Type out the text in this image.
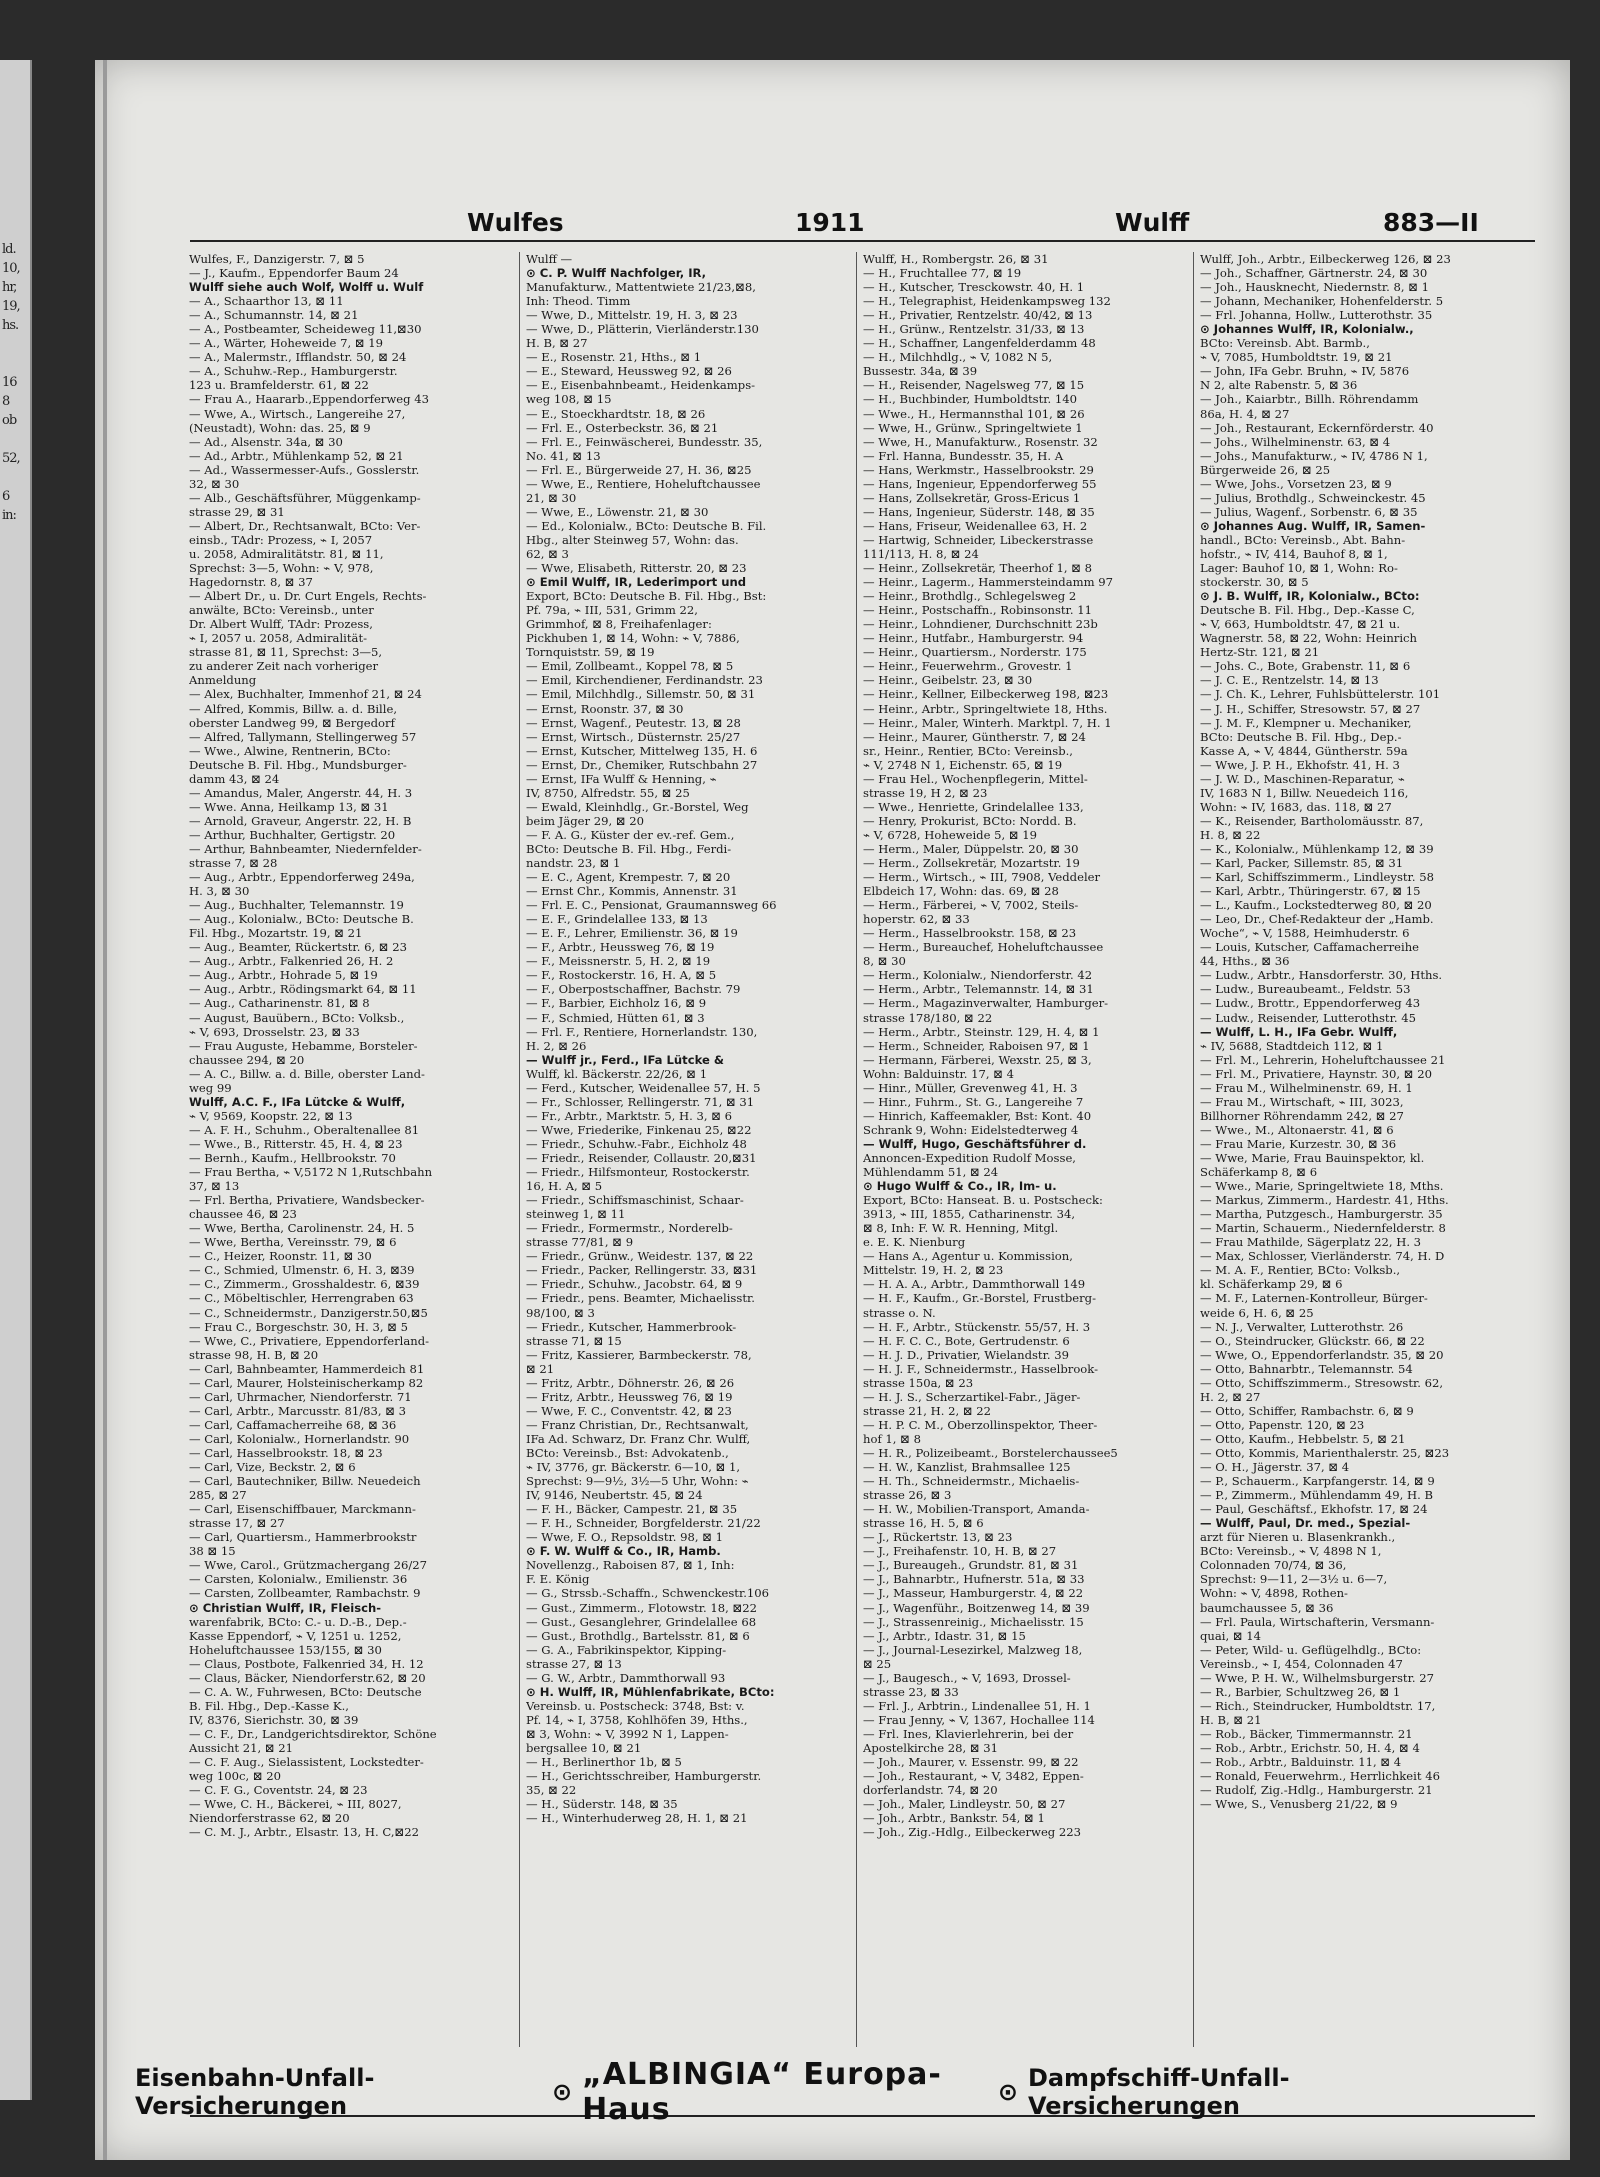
ld.
10,
hr,
19,
hs.

16
8
ob

52,

6
in:
Wulfes	1911	Wulff	883—II
Wulfes, F., Danzigerstr. 7, ⊠ 5
— J., Kaufm., Eppendorfer Baum 24
Wulff siehe auch Wolf, Wolff u. Wulf
— A., Schaarthor 13, ⊠ 11
— A., Schumannstr. 14, ⊠ 21
— A., Postbeamter, Scheideweg 11,⊠30
— A., Wärter, Hoheweide 7, ⊠ 19
— A., Malermstr., Ifflandstr. 50, ⊠ 24
— A., Schuhw.-Rep., Hamburgerstr.
123 u. Bramfelderstr. 61, ⊠ 22
— Frau A., Haararb.,Eppendorferweg 43
— Wwe, A., Wirtsch., Langereihe 27,
(Neustadt), Wohn: das. 25, ⊠ 9
— Ad., Alsenstr. 34a, ⊠ 30
— Ad., Arbtr., Mühlenkamp 52, ⊠ 21
— Ad., Wassermesser-Aufs., Gosslerstr.
32, ⊠ 30
— Alb., Geschäftsführer, Müggenkamp-
strasse 29, ⊠ 31
— Albert, Dr., Rechtsanwalt, BCto: Ver-
einsb., TAdr: Prozess, ⌁ I, 2057
u. 2058, Admiralitätstr. 81, ⊠ 11,
Sprechst: 3—5, Wohn: ⌁ V, 978,
Hagedornstr. 8, ⊠ 37
— Albert Dr., u. Dr. Curt Engels, Rechts-
anwälte, BCto: Vereinsb., unter
Dr. Albert Wulff, TAdr: Prozess,
⌁ I, 2057 u. 2058, Admiralität-
strasse 81, ⊠ 11, Sprechst: 3—5,
zu anderer Zeit nach vorheriger
Anmeldung
— Alex, Buchhalter, Immenhof 21, ⊠ 24
— Alfred, Kommis, Billw. a. d. Bille,
oberster Landweg 99, ⊠ Bergedorf
— Alfred, Tallymann, Stellingerweg 57
— Wwe., Alwine, Rentnerin, BCto:
Deutsche B. Fil. Hbg., Mundsburger-
damm 43, ⊠ 24
— Amandus, Maler, Angerstr. 44, H. 3
— Wwe. Anna, Heilkamp 13, ⊠ 31
— Arnold, Graveur, Angerstr. 22, H. B
— Arthur, Buchhalter, Gertigstr. 20
— Arthur, Bahnbeamter, Niedernfelder-
strasse 7, ⊠ 28
— Aug., Arbtr., Eppendorferweg 249a,
H. 3, ⊠ 30
— Aug., Buchhalter, Telemannstr. 19
— Aug., Kolonialw., BCto: Deutsche B.
Fil. Hbg., Mozartstr. 19, ⊠ 21
— Aug., Beamter, Rückertstr. 6, ⊠ 23
— Aug., Arbtr., Falkenried 26, H. 2
— Aug., Arbtr., Hohrade 5, ⊠ 19
— Aug., Arbtr., Rödingsmarkt 64, ⊠ 11
— Aug., Catharinenstr. 81, ⊠ 8
— August, Bauübern., BCto: Volksb.,
⌁ V, 693, Drosselstr. 23, ⊠ 33
— Frau Auguste, Hebamme, Borsteler-
chaussee 294, ⊠ 20
— A. C., Billw. a. d. Bille, oberster Land-
weg 99
Wulff, A.C. F., IFa Lütcke & Wulff,
⌁ V, 9569, Koopstr. 22, ⊠ 13
— A. F. H., Schuhm., Oberaltenallee 81
— Wwe., B., Ritterstr. 45, H. 4, ⊠ 23
— Bernh., Kaufm., Hellbrookstr. 70
— Frau Bertha, ⌁ V,5172 N 1,Rutschbahn
37, ⊠ 13
— Frl. Bertha, Privatiere, Wandsbecker-
chaussee 46, ⊠ 23
— Wwe, Bertha, Carolinenstr. 24, H. 5
— Wwe, Bertha, Vereinsstr. 79, ⊠ 6
— C., Heizer, Roonstr. 11, ⊠ 30
— C., Schmied, Ulmenstr. 6, H. 3, ⊠39
— C., Zimmerm., Grosshaldestr. 6, ⊠39
— C., Möbeltischler, Herrengraben 63
— C., Schneidermstr., Danzigerstr.50,⊠5
— Frau C., Borgeschstr. 30, H. 3, ⊠ 5
— Wwe, C., Privatiere, Eppendorferland-
strasse 98, H. B, ⊠ 20
— Carl, Bahnbeamter, Hammerdeich 81
— Carl, Maurer, Holsteinischerkamp 82
— Carl, Uhrmacher, Niendorferstr. 71
— Carl, Arbtr., Marcusstr. 81/83, ⊠ 3
— Carl, Caffamacherreihe 68, ⊠ 36
— Carl, Kolonialw., Hornerlandstr. 90
— Carl, Hasselbrookstr. 18, ⊠ 23
— Carl, Vize, Beckstr. 2, ⊠ 6
— Carl, Bautechniker, Billw. Neuedeich
285, ⊠ 27
— Carl, Eisenschiffbauer, Marckmann-
strasse 17, ⊠ 27
— Carl, Quartiersm., Hammerbrookstr
38 ⊠ 15
— Wwe, Carol., Grützmachergang 26/27
— Carsten, Kolonialw., Emilienstr. 36
— Carsten, Zollbeamter, Rambachstr. 9
⊙ Christian Wulff, IR, Fleisch-
warenfabrik, BCto: C.- u. D.-B., Dep.-
Kasse Eppendorf, ⌁ V, 1251 u. 1252,
Hoheluftchaussee 153/155, ⊠ 30
— Claus, Postbote, Falkenried 34, H. 12
— Claus, Bäcker, Niendorferstr.62, ⊠ 20
— C. A. W., Fuhrwesen, BCto: Deutsche
B. Fil. Hbg., Dep.-Kasse K.,
IV, 8376, Sierichstr. 30, ⊠ 39
— C. F., Dr., Landgerichtsdirektor, Schöne
Aussicht 21, ⊠ 21
— C. F. Aug., Sielassistent, Lockstedter-
weg 100c, ⊠ 20
— C. F. G., Coventstr. 24, ⊠ 23
— Wwe, C. H., Bäckerei, ⌁ III, 8027,
Niendorferstrasse 62, ⊠ 20
— C. M. J., Arbtr., Elsastr. 13, H. C,⊠22
Wulff —
⊙ C. P. Wulff Nachfolger, IR,
Manufakturw., Mattentwiete 21/23,⊠8,
Inh: Theod. Timm
— Wwe, D., Mittelstr. 19, H. 3, ⊠ 23
— Wwe, D., Plätterin, Vierländerstr.130
H. B, ⊠ 27
— E., Rosenstr. 21, Hths., ⊠ 1
— E., Steward, Heussweg 92, ⊠ 26
— E., Eisenbahnbeamt., Heidenkamps-
weg 108, ⊠ 15
— E., Stoeckhardtstr. 18, ⊠ 26
— Frl. E., Osterbeckstr. 36, ⊠ 21
— Frl. E., Feinwäscherei, Bundesstr. 35,
No. 41, ⊠ 13
— Frl. E., Bürgerweide 27, H. 36, ⊠25
— Wwe, E., Rentiere, Hoheluftchaussee
21, ⊠ 30
— Wwe, E., Löwenstr. 21, ⊠ 30
— Ed., Kolonialw., BCto: Deutsche B. Fil.
Hbg., alter Steinweg 57, Wohn: das.
62, ⊠ 3
— Wwe, Elisabeth, Ritterstr. 20, ⊠ 23
⊙ Emil Wulff, IR, Lederimport und
Export, BCto: Deutsche B. Fil. Hbg., Bst:
Pf. 79a, ⌁ III, 531, Grimm 22,
Grimmhof, ⊠ 8, Freihafenlager:
Pickhuben 1, ⊠ 14, Wohn: ⌁ V, 7886,
Tornquiststr. 59, ⊠ 19
— Emil, Zollbeamt., Koppel 78, ⊠ 5
— Emil, Kirchendiener, Ferdinandstr. 23
— Emil, Milchhdlg., Sillemstr. 50, ⊠ 31
— Ernst, Roonstr. 37, ⊠ 30
— Ernst, Wagenf., Peutestr. 13, ⊠ 28
— Ernst, Wirtsch., Düsternstr. 25/27
— Ernst, Kutscher, Mittelweg 135, H. 6
— Ernst, Dr., Chemiker, Rutschbahn 27
— Ernst, IFa Wulff & Henning, ⌁
IV, 8750, Alfredstr. 55, ⊠ 25
— Ewald, Kleinhdlg., Gr.-Borstel, Weg
beim Jäger 29, ⊠ 20
— F. A. G., Küster der ev.-ref. Gem.,
BCto: Deutsche B. Fil. Hbg., Ferdi-
nandstr. 23, ⊠ 1
— E. C., Agent, Krempestr. 7, ⊠ 20
— Ernst Chr., Kommis, Annenstr. 31
— Frl. E. C., Pensionat, Graumannsweg 66
— E. F., Grindelallee 133, ⊠ 13
— E. F., Lehrer, Emilienstr. 36, ⊠ 19
— F., Arbtr., Heussweg 76, ⊠ 19
— F., Meissnerstr. 5, H. 2, ⊠ 19
— F., Rostockerstr. 16, H. A, ⊠ 5
— F., Oberpostschaffner, Bachstr. 79
— F., Barbier, Eichholz 16, ⊠ 9
— F., Schmied, Hütten 61, ⊠ 3
— Frl. F., Rentiere, Hornerlandstr. 130,
H. 2, ⊠ 26
— Wulff jr., Ferd., IFa Lütcke &
Wulff, kl. Bäckerstr. 22/26, ⊠ 1
— Ferd., Kutscher, Weidenallee 57, H. 5
— Fr., Schlosser, Rellingerstr. 71, ⊠ 31
— Fr., Arbtr., Marktstr. 5, H. 3, ⊠ 6
— Wwe, Friederike, Finkenau 25, ⊠22
— Friedr., Schuhw.-Fabr., Eichholz 48
— Friedr., Reisender, Collaustr. 20,⊠31
— Friedr., Hilfsmonteur, Rostockerstr.
16, H. A, ⊠ 5
— Friedr., Schiffsmaschinist, Schaar-
steinweg 1, ⊠ 11
— Friedr., Formermstr., Norderelb-
strasse 77/81, ⊠ 9
— Friedr., Grünw., Weidestr. 137, ⊠ 22
— Friedr., Packer, Rellingerstr. 33, ⊠31
— Friedr., Schuhw., Jacobstr. 64, ⊠ 9
— Friedr., pens. Beamter, Michaelisstr.
98/100, ⊠ 3
— Friedr., Kutscher, Hammerbrook-
strasse 71, ⊠ 15
— Fritz, Kassierer, Barmbeckerstr. 78,
⊠ 21
— Fritz, Arbtr., Döhnerstr. 26, ⊠ 26
— Fritz, Arbtr., Heussweg 76, ⊠ 19
— Wwe, F. C., Conventstr. 42, ⊠ 23
— Franz Christian, Dr., Rechtsanwalt,
IFa Ad. Schwarz, Dr. Franz Chr. Wulff,
BCto: Vereinsb., Bst: Advokatenb.,
⌁ IV, 3776, gr. Bäckerstr. 6—10, ⊠ 1,
Sprechst: 9—9½, 3½—5 Uhr, Wohn: ⌁
IV, 9146, Neubertstr. 45, ⊠ 24
— F. H., Bäcker, Campestr. 21, ⊠ 35
— F. H., Schneider, Borgfelderstr. 21/22
— Wwe, F. O., Repsoldstr. 98, ⊠ 1
⊙ F. W. Wulff & Co., IR, Hamb.
Novellenzg., Raboisen 87, ⊠ 1, Inh:
F. E. König
— G., Strssb.-Schaffn., Schwenckestr.106
— Gust., Zimmerm., Flotowstr. 18, ⊠22
— Gust., Gesanglehrer, Grindelallee 68
— Gust., Brothdlg., Bartelsstr. 81, ⊠ 6
— G. A., Fabrikinspektor, Kipping-
strasse 27, ⊠ 13
— G. W., Arbtr., Dammthorwall 93
⊙ H. Wulff, IR, Mühlenfabrikate, BCto:
Vereinsb. u. Postscheck: 3748, Bst: v.
Pf. 14, ⌁ I, 3758, Kohlhöfen 39, Hths.,
⊠ 3, Wohn: ⌁ V, 3992 N 1, Lappen-
bergsallee 10, ⊠ 21
— H., Berlinerthor 1b, ⊠ 5
— H., Gerichtsschreiber, Hamburgerstr.
35, ⊠ 22
— H., Süderstr. 148, ⊠ 35
— H., Winterhuderweg 28, H. 1, ⊠ 21
Wulff, H., Rombergstr. 26, ⊠ 31
— H., Fruchtallee 77, ⊠ 19
— H., Kutscher, Tresckowstr. 40, H. 1
— H., Telegraphist, Heidenkampsweg 132
— H., Privatier, Rentzelstr. 40/42, ⊠ 13
— H., Grünw., Rentzelstr. 31/33, ⊠ 13
— H., Schaffner, Langenfelderdamm 48
— H., Milchhdlg., ⌁ V, 1082 N 5,
Bussestr. 34a, ⊠ 39
— H., Reisender, Nagelsweg 77, ⊠ 15
— H., Buchbinder, Humboldtstr. 140
— Wwe., H., Hermannsthal 101, ⊠ 26
— Wwe, H., Grünw., Springeltwiete 1
— Wwe, H., Manufakturw., Rosenstr. 32
— Frl. Hanna, Bundesstr. 35, H. A
— Hans, Werkmstr., Hasselbrookstr. 29
— Hans, Ingenieur, Eppendorferweg 55
— Hans, Zollsekretär, Gross-Ericus 1
— Hans, Ingenieur, Süderstr. 148, ⊠ 35
— Hans, Friseur, Weidenallee 63, H. 2
— Hartwig, Schneider, Libeckerstrasse
111/113, H. 8, ⊠ 24
— Heinr., Zollsekretär, Theerhof 1, ⊠ 8
— Heinr., Lagerm., Hammersteindamm 97
— Heinr., Brothdlg., Schlegelsweg 2
— Heinr., Postschaffn., Robinsonstr. 11
— Heinr., Lohndiener, Durchschnitt 23b
— Heinr., Hutfabr., Hamburgerstr. 94
— Heinr., Quartiersm., Norderstr. 175
— Heinr., Feuerwehrm., Grovestr. 1
— Heinr., Geibelstr. 23, ⊠ 30
— Heinr., Kellner, Eilbeckerweg 198, ⊠23
— Heinr., Arbtr., Springeltwiete 18, Hths.
— Heinr., Maler, Winterh. Marktpl. 7, H. 1
— Heinr., Maurer, Güntherstr. 7, ⊠ 24
sr., Heinr., Rentier, BCto: Vereinsb.,
⌁ V, 2748 N 1, Eichenstr. 65, ⊠ 19
— Frau Hel., Wochenpflegerin, Mittel-
strasse 19, H 2, ⊠ 23
— Wwe., Henriette, Grindelallee 133,
— Henry, Prokurist, BCto: Nordd. B.
⌁ V, 6728, Hoheweide 5, ⊠ 19
— Herm., Maler, Düppelstr. 20, ⊠ 30
— Herm., Zollsekretär, Mozartstr. 19
— Herm., Wirtsch., ⌁ III, 7908, Veddeler
Elbdeich 17, Wohn: das. 69, ⊠ 28
— Herm., Färberei, ⌁ V, 7002, Steils-
hoperstr. 62, ⊠ 33
— Herm., Hasselbrookstr. 158, ⊠ 23
— Herm., Bureauchef, Hoheluftchaussee
8, ⊠ 30
— Herm., Kolonialw., Niendorferstr. 42
— Herm., Arbtr., Telemannstr. 14, ⊠ 31
— Herm., Magazinverwalter, Hamburger-
strasse 178/180, ⊠ 22
— Herm., Arbtr., Steinstr. 129, H. 4, ⊠ 1
— Herm., Schneider, Raboisen 97, ⊠ 1
— Hermann, Färberei, Wexstr. 25, ⊠ 3,
Wohn: Balduinstr. 17, ⊠ 4
— Hinr., Müller, Grevenweg 41, H. 3
— Hinr., Fuhrm., St. G., Langereihe 7
— Hinrich, Kaffeemakler, Bst: Kont. 40
Schrank 9, Wohn: Eidelstedterweg 4
— Wulff, Hugo, Geschäftsführer d.
Annoncen-Expedition Rudolf Mosse,
Mühlendamm 51, ⊠ 24
⊙ Hugo Wulff & Co., IR, Im- u.
Export, BCto: Hanseat. B. u. Postscheck:
3913, ⌁ III, 1855, Catharinenstr. 34,
⊠ 8, Inh: F. W. R. Henning, Mitgl.
e. E. K. Nienburg
— Hans A., Agentur u. Kommission,
Mittelstr. 19, H. 2, ⊠ 23
— H. A. A., Arbtr., Dammthorwall 149
— H. F., Kaufm., Gr.-Borstel, Frustberg-
strasse o. N.
— H. F., Arbtr., Stückenstr. 55/57, H. 3
— H. F. C. C., Bote, Gertrudenstr. 6
— H. J. D., Privatier, Wielandstr. 39
— H. J. F., Schneidermstr., Hasselbrook-
strasse 150a, ⊠ 23
— H. J. S., Scherzartikel-Fabr., Jäger-
strasse 21, H. 2, ⊠ 22
— H. P. C. M., Oberzollinspektor, Theer-
hof 1, ⊠ 8
— H. R., Polizeibeamt., Borstelerchaussee5
— H. W., Kanzlist, Brahmsallee 125
— H. Th., Schneidermstr., Michaelis-
strasse 26, ⊠ 3
— H. W., Mobilien-Transport, Amanda-
strasse 16, H. 5, ⊠ 6
— J., Rückertstr. 13, ⊠ 23
— J., Freihafenstr. 10, H. B, ⊠ 27
— J., Bureaugeh., Grundstr. 81, ⊠ 31
— J., Bahnarbtr., Hufnerstr. 51a, ⊠ 33
— J., Masseur, Hamburgerstr. 4, ⊠ 22
— J., Wagenführ., Boitzenweg 14, ⊠ 39
— J., Strassenreinig., Michaelisstr. 15
— J., Arbtr., Idastr. 31, ⊠ 15
— J., Journal-Lesezirkel, Malzweg 18,
⊠ 25
— J., Baugesch., ⌁ V, 1693, Drossel-
strasse 23, ⊠ 33
— Frl. J., Arbtrin., Lindenallee 51, H. 1
— Frau Jenny, ⌁ V, 1367, Hochallee 114
— Frl. Ines, Klavierlehrerin, bei der
Apostelkirche 28, ⊠ 31
— Joh., Maurer, v. Essenstr. 99, ⊠ 22
— Joh., Restaurant, ⌁ V, 3482, Eppen-
dorferlandstr. 74, ⊠ 20
— Joh., Maler, Lindleystr. 50, ⊠ 27
— Joh., Arbtr., Bankstr. 54, ⊠ 1
— Joh., Zig.-Hdlg., Eilbeckerweg 223
Wulff, Joh., Arbtr., Eilbeckerweg 126, ⊠ 23
— Joh., Schaffner, Gärtnerstr. 24, ⊠ 30
— Joh., Hausknecht, Niedernstr. 8, ⊠ 1
— Johann, Mechaniker, Hohenfelderstr. 5
— Frl. Johanna, Hollw., Lutterothstr. 35
⊙ Johannes Wulff, IR, Kolonialw.,
BCto: Vereinsb. Abt. Barmb.,
⌁ V, 7085, Humboldtstr. 19, ⊠ 21
— John, IFa Gebr. Bruhn, ⌁ IV, 5876
N 2, alte Rabenstr. 5, ⊠ 36
— Joh., Kaiarbtr., Billh. Röhrendamm
86a, H. 4, ⊠ 27
— Joh., Restaurant, Eckernförderstr. 40
— Johs., Wilhelminenstr. 63, ⊠ 4
— Johs., Manufakturw., ⌁ IV, 4786 N 1,
Bürgerweide 26, ⊠ 25
— Wwe, Johs., Vorsetzen 23, ⊠ 9
— Julius, Brothdlg., Schweinckestr. 45
— Julius, Wagenf., Sorbenstr. 6, ⊠ 35
⊙ Johannes Aug. Wulff, IR, Samen-
handl., BCto: Vereinsb., Abt. Bahn-
hofstr., ⌁ IV, 414, Bauhof 8, ⊠ 1,
Lager: Bauhof 10, ⊠ 1, Wohn: Ro-
stockerstr. 30, ⊠ 5
⊙ J. B. Wulff, IR, Kolonialw., BCto:
Deutsche B. Fil. Hbg., Dep.-Kasse C,
⌁ V, 663, Humboldtstr. 47, ⊠ 21 u.
Wagnerstr. 58, ⊠ 22, Wohn: Heinrich
Hertz-Str. 121, ⊠ 21
— Johs. C., Bote, Grabenstr. 11, ⊠ 6
— J. C. E., Rentzelstr. 14, ⊠ 13
— J. Ch. K., Lehrer, Fuhlsbüttelerstr. 101
— J. H., Schiffer, Stresowstr. 57, ⊠ 27
— J. M. F., Klempner u. Mechaniker,
BCto: Deutsche B. Fil. Hbg., Dep.-
Kasse A, ⌁ V, 4844, Güntherstr. 59a
— Wwe, J. P. H., Ekhofstr. 41, H. 3
— J. W. D., Maschinen-Reparatur, ⌁
IV, 1683 N 1, Billw. Neuedeich 116,
Wohn: ⌁ IV, 1683, das. 118, ⊠ 27
— K., Reisender, Bartholomäusstr. 87,
H. 8, ⊠ 22
— K., Kolonialw., Mühlenkamp 12, ⊠ 39
— Karl, Packer, Sillemstr. 85, ⊠ 31
— Karl, Schiffszimmerm., Lindleystr. 58
— Karl, Arbtr., Thüringerstr. 67, ⊠ 15
— L., Kaufm., Lockstedterweg 80, ⊠ 20
— Leo, Dr., Chef-Redakteur der „Hamb.
Woche“, ⌁ V, 1588, Heimhuderstr. 6
— Louis, Kutscher, Caffamacherreihe
44, Hths., ⊠ 36
— Ludw., Arbtr., Hansdorferstr. 30, Hths.
— Ludw., Bureaubeamt., Feldstr. 53
— Ludw., Brottr., Eppendorferweg 43
— Ludw., Reisender, Lutterothstr. 45
— Wulff, L. H., IFa Gebr. Wulff,
⌁ IV, 5688, Stadtdeich 112, ⊠ 1
— Frl. M., Lehrerin, Hoheluftchaussee 21
— Frl. M., Privatiere, Haynstr. 30, ⊠ 20
— Frau M., Wilhelminenstr. 69, H. 1
— Frau M., Wirtschaft, ⌁ III, 3023,
Billhorner Röhrendamm 242, ⊠ 27
— Wwe., M., Altonaerstr. 41, ⊠ 6
— Frau Marie, Kurzestr. 30, ⊠ 36
— Wwe, Marie, Frau Bauinspektor, kl.
Schäferkamp 8, ⊠ 6
— Wwe., Marie, Springeltwiete 18, Mths.
— Markus, Zimmerm., Hardestr. 41, Hths.
— Martha, Putzgesch., Hamburgerstr. 35
— Martin, Schauerm., Niedernfelderstr. 8
— Frau Mathilde, Sägerplatz 22, H. 3
— Max, Schlosser, Vierländerstr. 74, H. D
— M. A. F., Rentier, BCto: Volksb.,
kl. Schäferkamp 29, ⊠ 6
— M. F., Laternen-Kontrolleur, Bürger-
weide 6, H. 6, ⊠ 25
— N. J., Verwalter, Lutterothstr. 26
— O., Steindrucker, Glückstr. 66, ⊠ 22
— Wwe, O., Eppendorferlandstr. 35, ⊠ 20
— Otto, Bahnarbtr., Telemannstr. 54
— Otto, Schiffszimmerm., Stresowstr. 62,
H. 2, ⊠ 27
— Otto, Schiffer, Rambachstr. 6, ⊠ 9
— Otto, Papenstr. 120, ⊠ 23
— Otto, Kaufm., Hebbelstr. 5, ⊠ 21
— Otto, Kommis, Marienthalerstr. 25, ⊠23
— O. H., Jägerstr. 37, ⊠ 4
— P., Schauerm., Karpfangerstr. 14, ⊠ 9
— P., Zimmerm., Mühlendamm 49, H. B
— Paul, Geschäftsf., Ekhofstr. 17, ⊠ 24
— Wulff, Paul, Dr. med., Spezial-
arzt für Nieren u. Blasenkrankh.,
BCto: Vereinsb., ⌁ V, 4898 N 1,
Colonnaden 70/74, ⊠ 36,
Sprechst: 9—11, 2—3½ u. 6—7,
Wohn: ⌁ V, 4898, Rothen-
baumchaussee 5, ⊠ 36
— Frl. Paula, Wirtschafterin, Versmann-
quai, ⊠ 14
— Peter, Wild- u. Geflügelhdlg., BCto:
Vereinsb., ⌁ I, 454, Colonnaden 47
— Wwe, P. H. W., Wilhelmsburgerstr. 27
— R., Barbier, Schultzweg 26, ⊠ 1
— Rich., Steindrucker, Humboldtstr. 17,
H. B, ⊠ 21
— Rob., Bäcker, Timmermannstr. 21
— Rob., Arbtr., Erichstr. 50, H. 4, ⊠ 4
— Rob., Arbtr., Balduinstr. 11, ⊠ 4
— Ronald, Feuerwehrm., Herrlichkeit 46
— Rudolf, Zig.-Hdlg., Hamburgerstr. 21
— Wwe, S., Venusberg 21/22, ⊠ 9
Eisenbahn-Unfall-Versicherungen	⊙ „ALBINGIA“ Europa-Haus	⊙ Dampfschiff-Unfall-Versicherungen
